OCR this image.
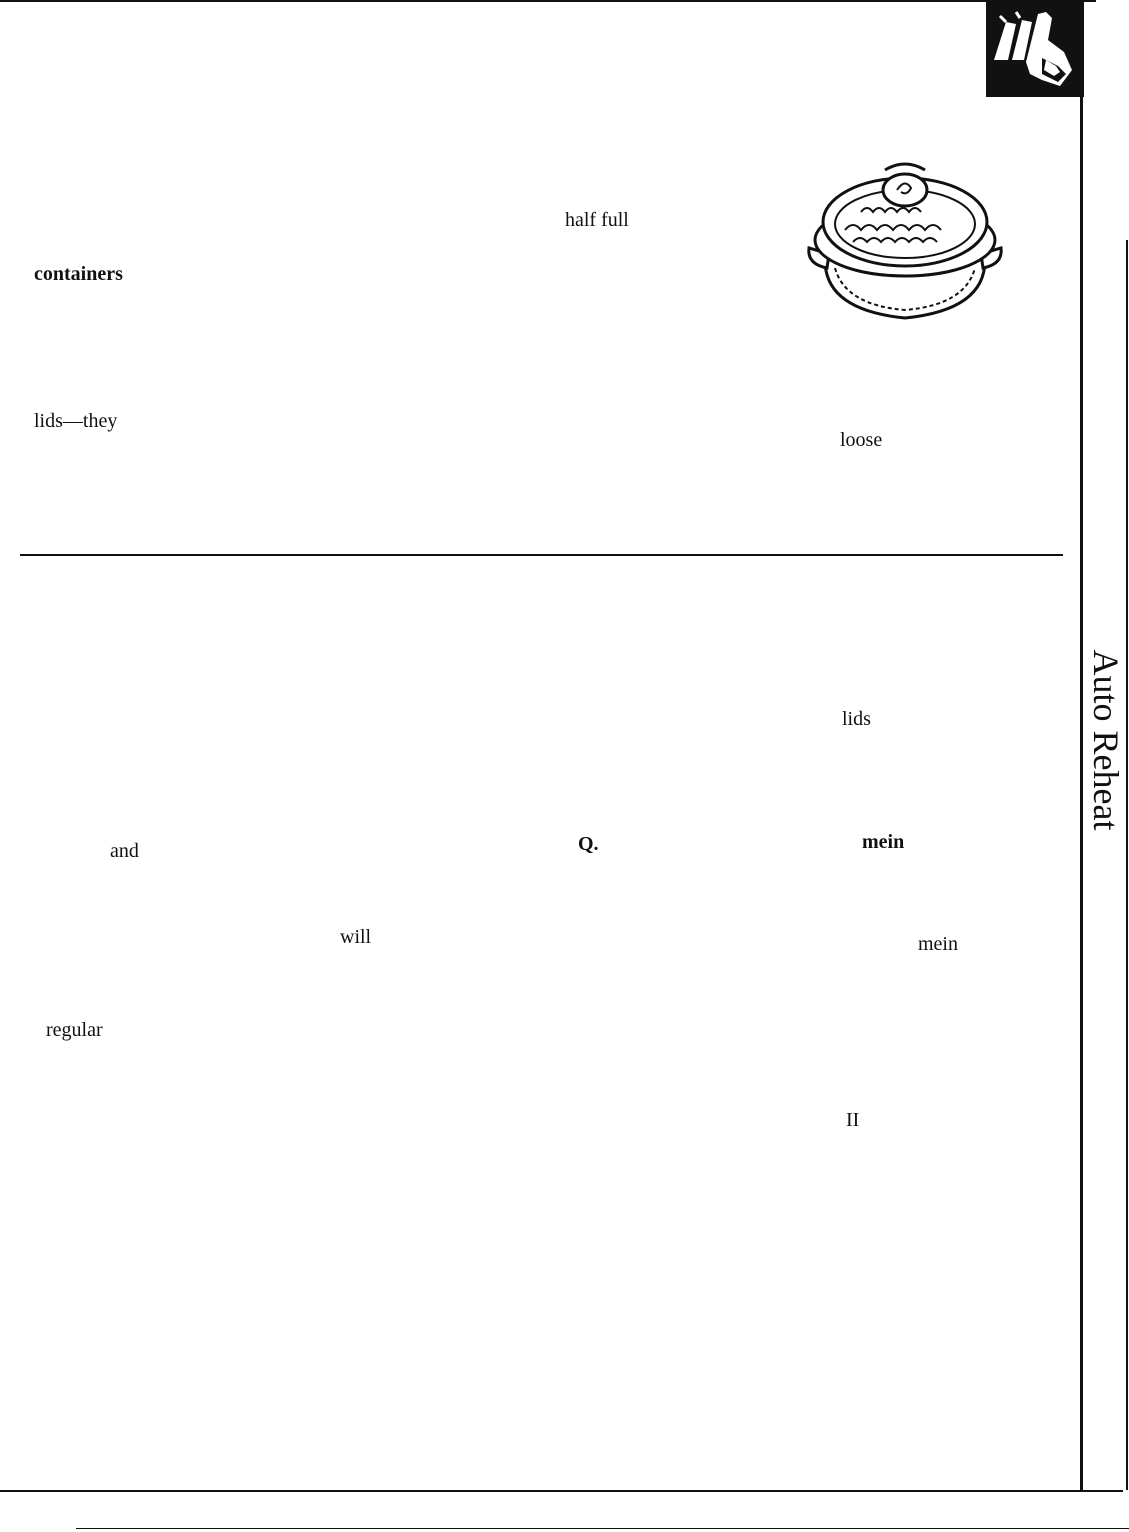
half full
containers
lids—they
loose
lids
and	Q.	mein
will	mein
regular
II
Auto Reheat
